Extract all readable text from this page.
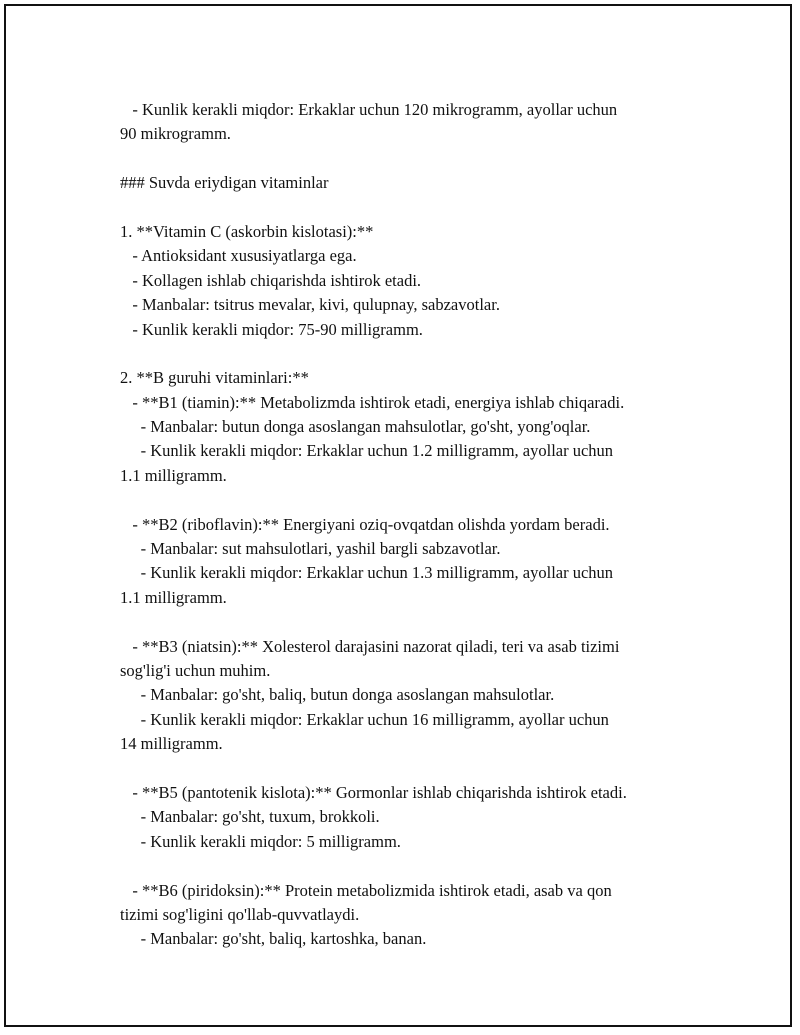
- Kunlik kerakli miqdor: Erkaklar uchun 120 mikrogramm, ayollar uchun
90 mikrogramm.
### Suvda eriydigan vitaminlar
1. **Vitamin C (askorbin kislotasi):**
- Antioksidant xususiyatlarga ega.
- Kollagen ishlab chiqarishda ishtirok etadi.
- Manbalar: tsitrus mevalar, kivi, qulupnay, sabzavotlar.
- Kunlik kerakli miqdor: 75-90 milligramm.
2. **B guruhi vitaminlari:**
- **B1 (tiamin):** Metabolizmda ishtirok etadi, energiya ishlab chiqaradi.
- Manbalar: butun donga asoslangan mahsulotlar, go'sht, yong'oqlar.
- Kunlik kerakli miqdor: Erkaklar uchun 1.2 milligramm, ayollar uchun
1.1 milligramm.
- **B2 (riboflavin):** Energiyani oziq-ovqatdan olishda yordam beradi.
- Manbalar: sut mahsulotlari, yashil bargli sabzavotlar.
- Kunlik kerakli miqdor: Erkaklar uchun 1.3 milligramm, ayollar uchun
1.1 milligramm.
- **B3 (niatsin):** Xolesterol darajasini nazorat qiladi, teri va asab tizimi
sog'lig'i uchun muhim.
- Manbalar: go'sht, baliq, butun donga asoslangan mahsulotlar.
- Kunlik kerakli miqdor: Erkaklar uchun 16 milligramm, ayollar uchun
14 milligramm.
- **B5 (pantotenik kislota):** Gormonlar ishlab chiqarishda ishtirok etadi.
- Manbalar: go'sht, tuxum, brokkoli.
- Kunlik kerakli miqdor: 5 milligramm.
- **B6 (piridoksin):** Protein metabolizmida ishtirok etadi, asab va qon
tizimi sog'ligini qo'llab-quvvatlaydi.
- Manbalar: go'sht, baliq, kartoshka, banan.
